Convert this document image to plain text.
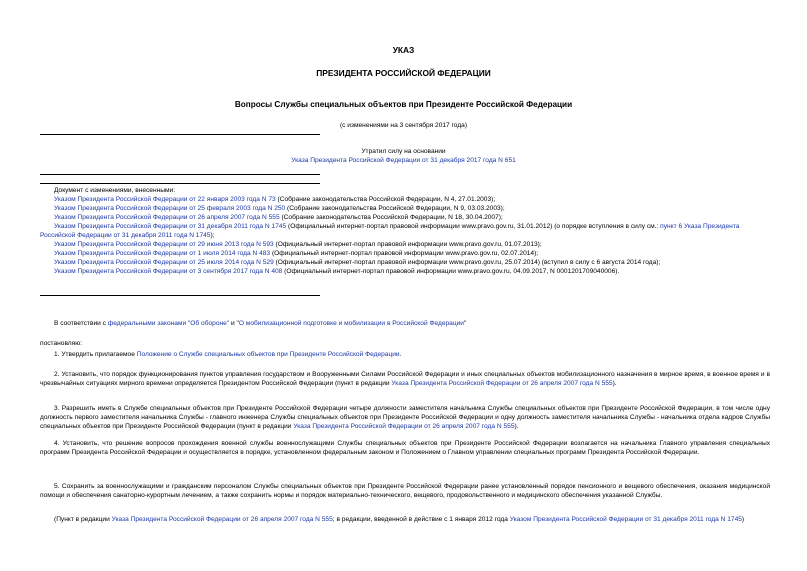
УКАЗ
ПРЕЗИДЕНТА РОССИЙСКОЙ ФЕДЕРАЦИИ
Вопросы Службы специальных объектов при Президенте Российской Федерации
(с изменениями на 3 сентября 2017 года)
Утратил силу на основании
Указа Президента Российской Федерации от 31 декабря 2017 года N 651
Документ с изменениями, внесенными:
Указом Президента Российской Федерации от 22 января 2003 года N 73 (Собрание законодательства Российской Федерации, N 4, 27.01.2003);
Указом Президента Российской Федерации от 25 февраля 2003 года N 250 (Собрание законодательства Российской Федерации, N 9, 03.03.2003);
Указом Президента Российской Федерации от 26 апреля 2007 года N 555 (Собрание законодательства Российской Федерации, N 18, 30.04.2007);
Указом Президента Российской Федерации от 31 декабря 2011 года N 1745 (Официальный интернет-портал правовой информации www.pravo.gov.ru, 31.01.2012) (о порядке вступления в силу см.: пункт 6 Указа Президента Российской Федерации от 31 декабря 2011 года N 1745);
Указом Президента Российской Федерации от 29 июня 2013 года N 593 (Официальный интернет-портал правовой информации www.pravo.gov.ru, 01.07.2013);
Указом Президента Российской Федерации от 1 июля 2014 года N 483 (Официальный интернет-портал правовой информации www.pravo.gov.ru, 02.07.2014);
Указом Президента Российской Федерации от 25 июля 2014 года N 529 (Официальный интернет-портал правовой информации www.pravo.gov.ru, 25.07.2014) (вступил в силу с 6 августа 2014 года);
Указом Президента Российской Федерации от 3 сентября 2017 года N 408 (Официальный интернет-портал правовой информации www.pravo.gov.ru, 04.09.2017, N 0001201709040006).
В соответствии с федеральными законами "Об обороне" и "О мобилизационной подготовке и мобилизации в Российской Федерации"
постановляю:
1. Утвердить прилагаемое Положение о Службе специальных объектов при Президенте Российской Федерации.
2. Установить, что порядок функционирования пунктов управления государством и Вооруженными Силами Российской Федерации и иных специальных объектов мобилизационного назначения в мирное время, в военное время и в чрезвычайных ситуациях мирного времени определяется Президентом Российской Федерации (пункт в редакции Указа Президента Российской Федерации от 26 апреля 2007 года N 555).
3. Разрешить иметь в Службе специальных объектов при Президенте Российской Федерации четыре должности заместителя начальника Службы специальных объектов при Президенте Российской Федерации, в том числе одну должность первого заместителя начальника Службы - главного инженера Службы специальных объектов при Президенте Российской Федерации и одну должность заместителя начальника Службы - начальника отдела кадров Службы специальных объектов при Президенте Российской Федерации (пункт в редакции Указа Президента Российской Федерации от 26 апреля 2007 года N 555).
4. Установить, что решение вопросов прохождения военной службы военнослужащими Службы специальных объектов при Президенте Российской Федерации возлагается на начальника Главного управления специальных программ Президента Российской Федерации и осуществляется в порядке, установленном федеральным законом и Положением о Главном управлении специальных программ Президента Российской Федерации.
5. Сохранить за военнослужащими и гражданским персоналом Службы специальных объектов при Президенте Российской Федерации ранее установленный порядок пенсионного и вещевого обеспечения, оказания медицинской помощи и обеспечения санаторно-курортным лечением, а также сохранить нормы и порядок материально-технического, вещевого, продовольственного и медицинского обеспечения указанной Службы.
(Пункт в редакции Указа Президента Российской Федерации от 26 апреля 2007 года N 555; в редакции, введенной в действие с 1 января 2012 года Указом Президента Российской Федерации от 31 декабря 2011 года N 1745)
